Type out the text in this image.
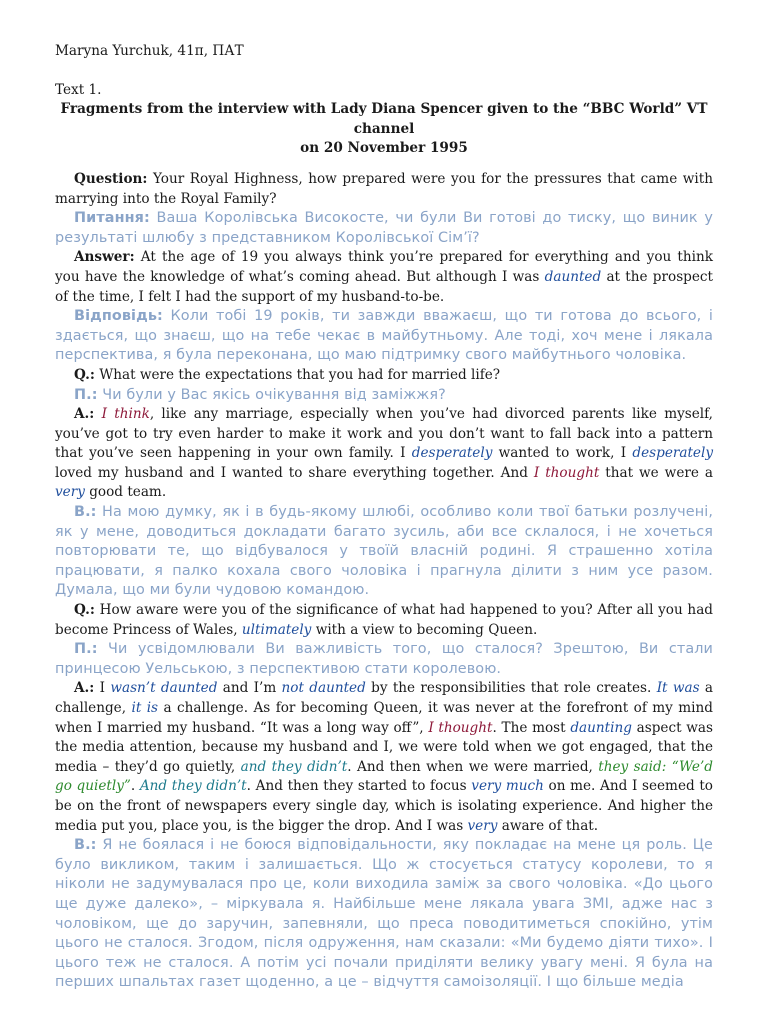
Maryna Yurchuk, 41п, ПАТ

Text 1.

Fragments from the interview with Lady Diana Spencer given to the “BBC World” VT channel
on 20 November 1995

Question: Your Royal Highness, how prepared were you for the pressures that came with marrying into the Royal Family?

Питання: Ваша Королівська Високосте, чи були Ви готові до тиску, що виник у результаті шлюбу з представником Королівської Сім’ї?

Answer: At the age of 19 you always think you’re prepared for everything and you think you have the knowledge of what’s coming ahead. But although I was daunted at the prospect of the time, I felt I had the support of my husband-to-be.

Відповідь: Коли тобі 19 років, ти завжди вважаєш, що ти готова до всього, і здається, що знаєш, що на тебе чекає в майбутньому. Але тоді, хоч мене і лякала перспектива, я була переконана, що маю підтримку свого майбутнього чоловіка.

Q.: What were the expectations that you had for married life?

П.: Чи були у Вас якісь очікування від заміжжя?

A.: I think, like any marriage, especially when you’ve had divorced parents like myself, you’ve got to try even harder to make it work and you don’t want to fall back into a pattern that you’ve seen happening in your own family. I desperately wanted to work, I desperately loved my husband and I wanted to share everything together. And I thought that we were a very good team.

В.: На мою думку, як і в будь-якому шлюбі, особливо коли твої батьки розлучені, як у мене, доводиться докладати багато зусиль, аби все склалося, і не хочеться повторювати те, що відбувалося у твоїй власній родині. Я страшенно хотіла працювати, я палко кохала свого чоловіка і прагнула ділити з ним усе разом. Думала, що ми були чудовою командою.

Q.: How aware were you of the significance of what had happened to you? After all you had become Princess of Wales, ultimately with a view to becoming Queen.

П.: Чи усвідомлювали Ви важливість того, що сталося? Зрештою, Ви стали принцесою Уельською, з перспективою стати королевою.

A.: I wasn’t daunted and I’m not daunted by the responsibilities that role creates. It was a challenge, it is a challenge. As for becoming Queen, it was never at the forefront of my mind when I married my husband. “It was a long way off”, I thought. The most daunting aspect was the media attention, because my husband and I, we were told when we got engaged, that the media – they’d go quietly, and they didn’t. And then when we were married, they said: “We’d go quietly”. And they didn’t. And then they started to focus very much on me. And I seemed to be on the front of newspapers every single day, which is isolating experience. And higher the media put you, place you, is the bigger the drop. And I was very aware of that.

В.: Я не боялася і не боюся відповідальности, яку покладає на мене ця роль. Це було викликом, таким і залишається. Що ж стосується статусу королеви, то я ніколи не задумувалася про це, коли виходила заміж за свого чоловіка. «До цього ще дуже далеко», – міркувала я. Найбільше мене лякала увага ЗМІ, адже нас з чоловіком, ще до заручин, запевняли, що преса поводитиметься спокійно, утім цього не сталося. Згодом, після одруження, нам сказали: «Ми будемо діяти тихо». І цього теж не сталося. А потім усі почали приділяти велику увагу мені. Я була на перших шпальтах газет щоденно, а це – відчуття самоізоляції. І що більше медіа
